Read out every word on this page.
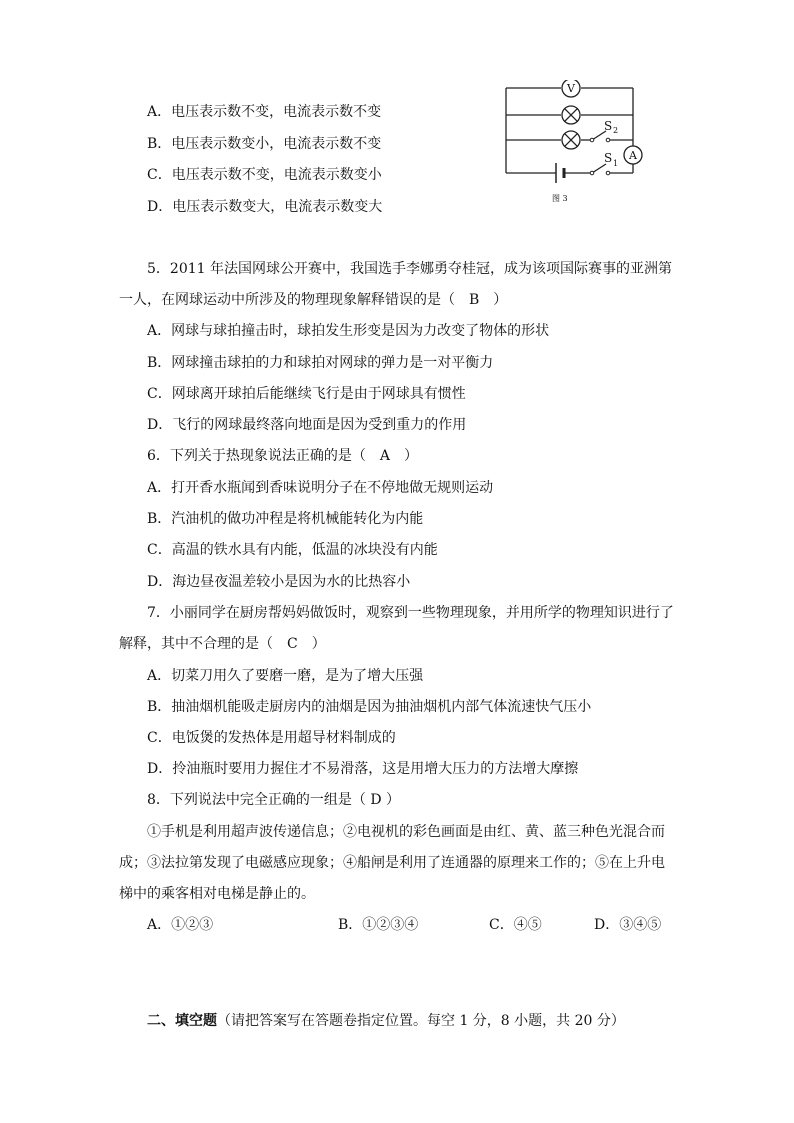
A．电压表示数不变，电流表示数不变
B．电压表示数变小，电流表示数不变
C．电压表示数不变，电流表示数变小
D．电压表示数变大，电流表示数变大
V
A
S 2
S 1
图 3
5．2011 年法国网球公开赛中，我国选手李娜勇夺桂冠，成为该项国际赛事的亚洲第
一人，在网球运动中所涉及的物理现象解释错误的是（　B　）
A．网球与球拍撞击时，球拍发生形变是因为力改变了物体的形状
B．网球撞击球拍的力和球拍对网球的弹力是一对平衡力
C．网球离开球拍后能继续飞行是由于网球具有惯性
D．飞行的网球最终落向地面是因为受到重力的作用
6．下列关于热现象说法正确的是（　A　）
A．打开香水瓶闻到香味说明分子在不停地做无规则运动
B．汽油机的做功冲程是将机械能转化为内能
C．高温的铁水具有内能，低温的冰块没有内能
D．海边昼夜温差较小是因为水的比热容小
7．小丽同学在厨房帮妈妈做饭时，观察到一些物理现象，并用所学的物理知识进行了
解释，其中不合理的是（　C　）
A．切菜刀用久了要磨一磨，是为了增大压强
B．抽油烟机能吸走厨房内的油烟是因为抽油烟机内部气体流速快气压小
C．电饭煲的发热体是用超导材料制成的
D．拎油瓶时要用力握住才不易滑落，这是用增大压力的方法增大摩擦
8．下列说法中完全正确的一组是（ D ）
①手机是利用超声波传递信息；②电视机的彩色画面是由红、黄、蓝三种色光混合而
成；③法拉第发现了电磁感应现象；④船闸是利用了连通器的原理来工作的；⑤在上升电
梯中的乘客相对电梯是静止的。
A．①②③	B．①②③④	C．④⑤	D．③④⑤
二、填空题（请把答案写在答题卷指定位置。每空 1 分，8 小题，共 20 分）
